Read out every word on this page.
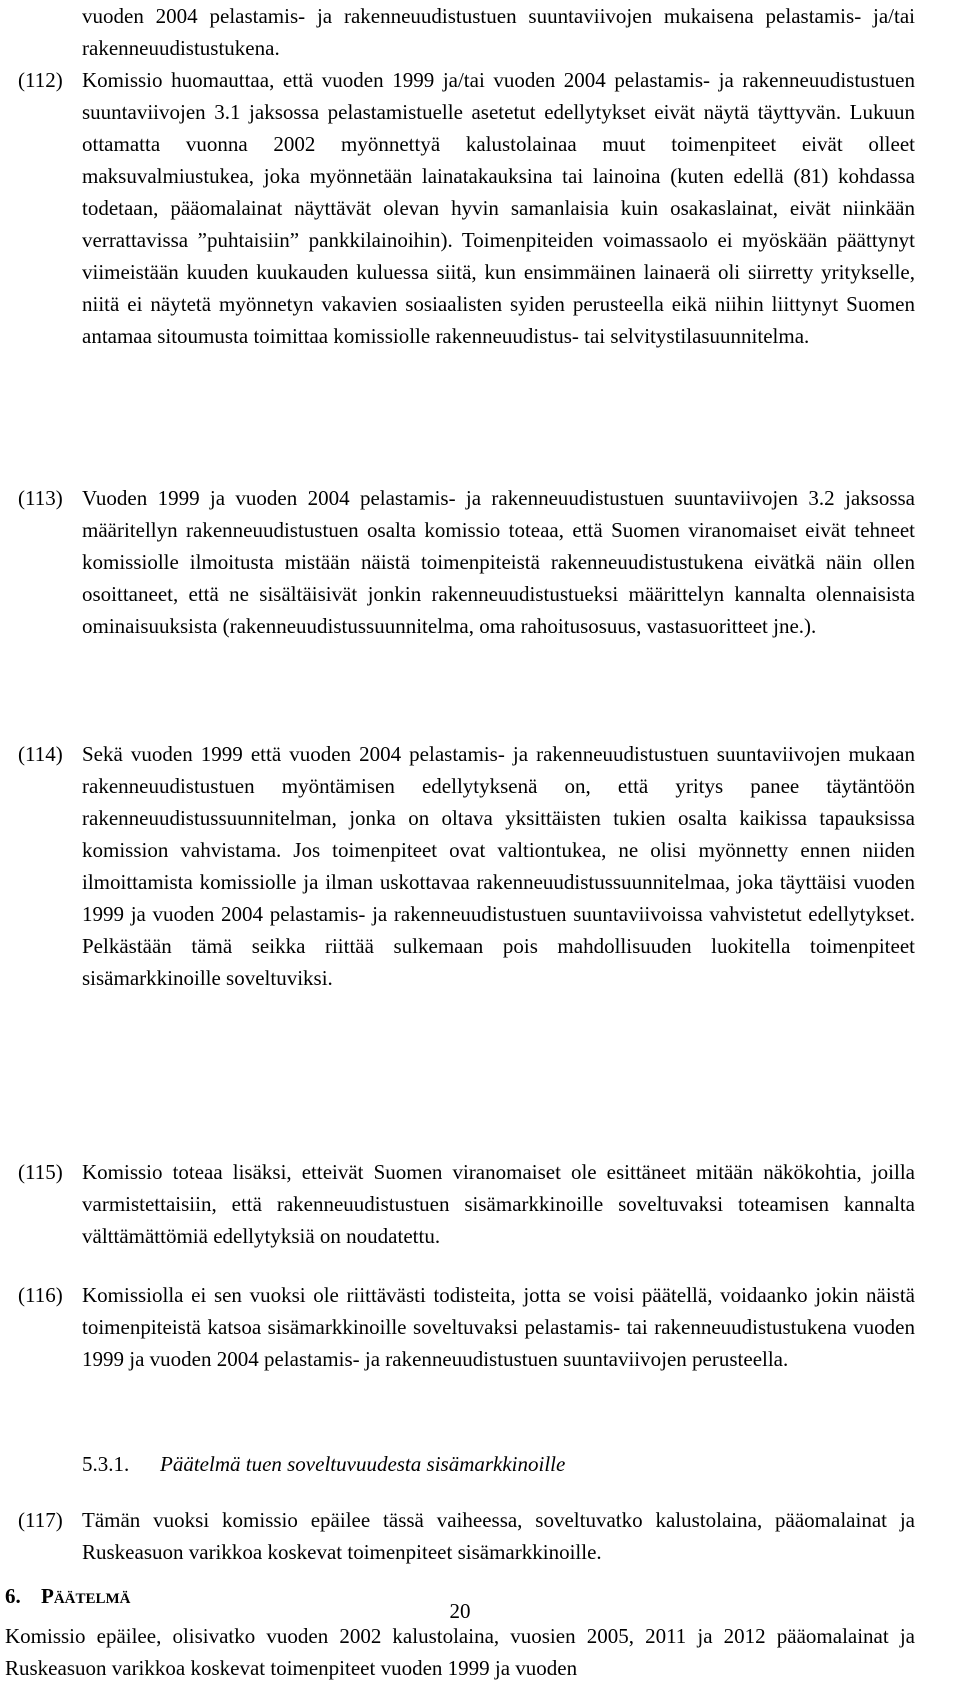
vuoden 2004 pelastamis- ja rakenneuudistustuen suuntaviivojen mukaisena pelastamis- ja/tai rakenneuudistustukena.
(112) Komissio huomauttaa, että vuoden 1999 ja/tai vuoden 2004 pelastamis- ja rakenneuudistustuen suuntaviivojen 3.1 jaksossa pelastamistuelle asetetut edellytykset eivät näytä täyttyvän. Lukuun ottamatta vuonna 2002 myönnettyä kalustolainaa muut toimenpiteet eivät olleet maksuvalmiustukea, joka myönnetään lainatakauksina tai lainoina (kuten edellä (81) kohdassa todetaan, pääomalainat näyttävät olevan hyvin samanlaisia kuin osakaslainat, eivät niinkään verrattavissa ”puhtaisiin” pankkilainoihin). Toimenpiteiden voimassaolo ei myöskään päättynyt viimeistään kuuden kuukauden kuluessa siitä, kun ensimmäinen lainaerä oli siirretty yritykselle, niitä ei näytetä myönnetyn vakavien sosiaalisten syiden perusteella eikä niihin liittynyt Suomen antamaa sitoumusta toimittaa komissiolle rakenneuudistus- tai selvitystilasuunnitelma.
(113) Vuoden 1999 ja vuoden 2004 pelastamis- ja rakenneuudistustuen suuntaviivojen 3.2 jaksossa määritellyn rakenneuudistustuen osalta komissio toteaa, että Suomen viranomaiset eivät tehneet komissiolle ilmoitusta mistään näistä toimenpiteistä rakenneuudistustukena eivätkä näin ollen osoittaneet, että ne sisältäisivät jonkin rakenneuudistustueksi määrittelyn kannalta olennaisista ominaisuuksista (rakenneuudistussuunnitelma, oma rahoitusosuus, vastasuoritteet jne.).
(114) Sekä vuoden 1999 että vuoden 2004 pelastamis- ja rakenneuudistustuen suuntaviivojen mukaan rakenneuudistustuen myöntämisen edellytyksenä on, että yritys panee täytäntöön rakenneuudistussuunnitelman, jonka on oltava yksittäisten tukien osalta kaikissa tapauksissa komission vahvistama. Jos toimenpiteet ovat valtiontukea, ne olisi myönnetty ennen niiden ilmoittamista komissiolle ja ilman uskottavaa rakenneuudistussuunnitelmaa, joka täyttäisi vuoden 1999 ja vuoden 2004 pelastamis- ja rakenneuudistustuen suuntaviivoissa vahvistetut edellytykset. Pelkästään tämä seikka riittää sulkemaan pois mahdollisuuden luokitella toimenpiteet sisämarkkinoille soveltuviksi.
(115) Komissio toteaa lisäksi, etteivät Suomen viranomaiset ole esittäneet mitään näkökohtia, joilla varmistettaisiin, että rakenneuudistustuen sisämarkkinoille soveltuvaksi toteamisen kannalta välttämättömiä edellytyksiä on noudatettu.
(116) Komissiolla ei sen vuoksi ole riittävästi todisteita, jotta se voisi päätellä, voidaanko jokin näistä toimenpiteistä katsoa sisämarkkinoille soveltuvaksi pelastamis- tai rakenneuudistustukena vuoden 1999 ja vuoden 2004 pelastamis- ja rakenneuudistustuen suuntaviivojen perusteella.
5.3.1. Päätelmä tuen soveltuvuudesta sisämarkkinoille
(117) Tämän vuoksi komissio epäilee tässä vaiheessa, soveltuvatko kalustolaina, pääomalainat ja Ruskeasuon varikkoa koskevat toimenpiteet sisämarkkinoille.
6. Päätelmä
Komissio epäilee, olisivatko vuoden 2002 kalustolaina, vuosien 2005, 2011 ja 2012 pääomalainat ja Ruskeasuon varikkoa koskevat toimenpiteet vuoden 1999 ja vuoden
20
